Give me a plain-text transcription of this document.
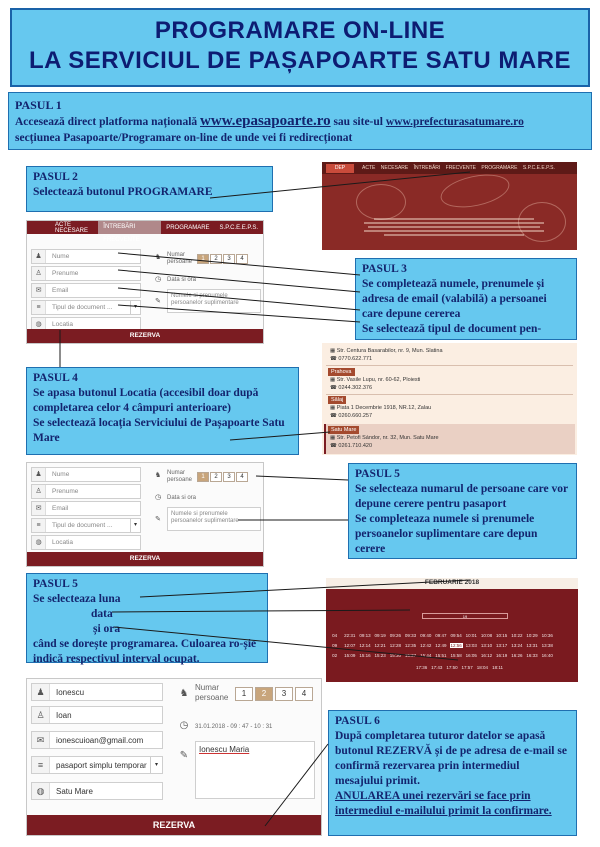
PROGRAMARE ON-LINE
LA SERVICIUL DE PAȘAPOARTE SATU MARE
PASUL 1
Accesează direct platforma națională www.epasapoarte.ro sau site-ul www.prefecturasatumare.ro
secțiunea Pasapoarte/Programare on-line de unde vei fi redirecționat
PASUL 2
Selectează butonul PROGRAMARE
ACTE NECESARE ÎNTREBĂRI FRECVENTE PROGRAMARE S.P.C.E.E.P.S.
DEP
ACTE NECESARE
ÎNTREBĂRI FRECVENTE
PROGRAMARE	S.P.C.E.E.P.S.
♟	Nume
♙	Prenume
✉	Email
≡	Tipul de document ...	▾
◍	Locatia
♞ Numar persoane	1	2	3	4
◷ Data si ora
✎
Numele si prenumele persoanelor suplimentare
REZERVA
PASUL 3
Se completează numele, prenumele și adresa de email (valabilă) a persoanei care depune cererea
Se selectează tipul de document pen-
▦ Str. Centura Basarabilor, nr. 9, Mun. Slatina
☎ 0770.622.771
Prahova
▦ Str. Vasile Lupu, nr. 60-62, Ploiesti
☎ 0244.302.376
Sălaj
▦ Piata 1 Decembrie 1918, NR.12, Zalau
☎ 0260.660.257
Satu Mare
▦ Str. Petofi Sándor, nr. 32, Mun. Satu Mare
☎ 0261.710.420
PASUL 4
Se apasa butonul Locatia (accesibil doar după completarea celor 4 câmpuri anterioare)
Se selectează locația Serviciului de Pașapoarte Satu Mare
♟	Nume
♙	Prenume
✉	Email
≡	Tipul de document ...	▾
◍	Locatia
♞ Numar persoane	1	2	3	4
◷ Data si ora
✎
Numele si prenumele persoanelor suplimentare
REZERVA
PASUL 5
Se selecteaza numarul de persoane care vor depune cerere pentru pasaport
Se completeaza numele si prenumele persoanelor suplimentare care depun cerere
PASUL 5
Se selecteaza luna
data
și ora
când se dorește programarea. Culoarea ro-șie indică respectivul interval ocupat.
FEBRUARIE 2018
19
04	22:31 09:13 09:19 09:26 09:33 09:40 09:47 09:54 10:01 10:08 10:15 10:22 10:29 10:36
09	12:07 12:14 12:21 12:28 12:35 12:42 12:49 12:56 13:03 13:10 13:17 13:24 13:31 13:38
02	15:09 15:16 15:23 15:30 15:37 15:44 15:51 15:58 16:05 16:12 16:19 16:26 16:33 16:40
17:36 17:43 17:50 17:57 18:04 18:11
♟	Ionescu
♙	Ioan
✉	ionescuioan@gmail.com
≡	pasaport simplu temporar	▾
◍	Satu Mare
♞
Numar persoane	1	2	3	4
◷	31.01.2018 - 09 : 47 - 10 : 31
✎
Ionescu Maria
REZERVA
PASUL 6
După completarea tuturor datelor se apasă butonul REZERVĂ și de pe adresa de e-mail se confirmă rezervarea prin intermediul mesajului primit.
ANULAREA unei rezervări se face prin intermediul e-mailului primit la confirmare.
